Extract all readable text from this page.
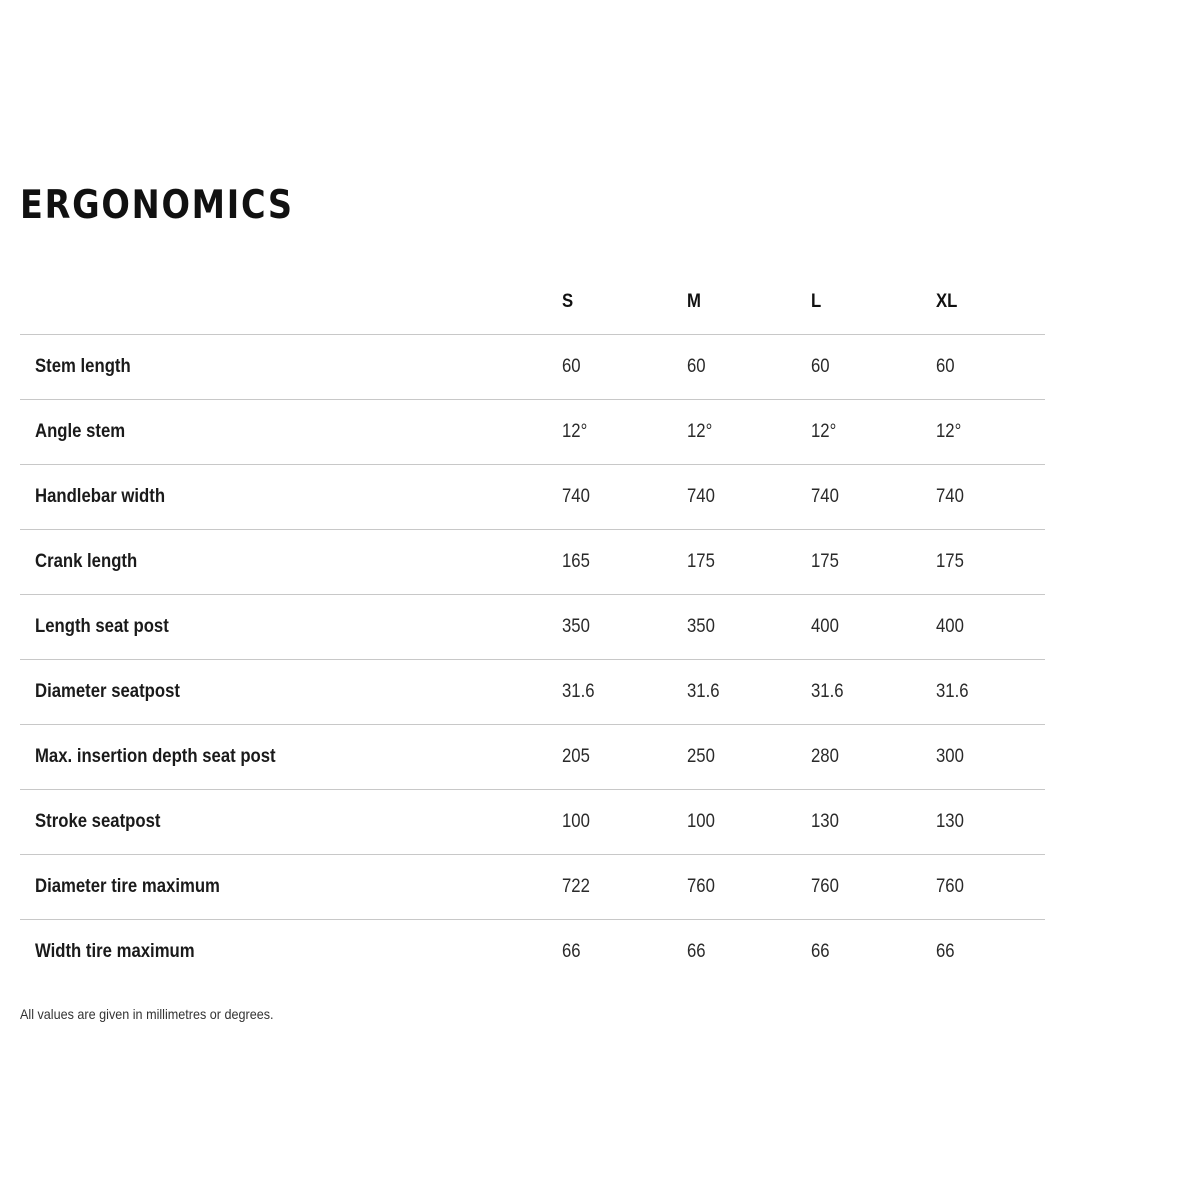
ERGONOMICS
	S	M	L	XL
Stem length	60	60	60	60
Angle stem	12°	12°	12°	12°
Handlebar width	740	740	740	740
Crank length	165	175	175	175
Length seat post	350	350	400	400
Diameter seatpost	31.6	31.6	31.6	31.6
Max. insertion depth seat post	205	250	280	300
Stroke seatpost	100	100	130	130
Diameter tire maximum	722	760	760	760
Width tire maximum	66	66	66	66

All values are given in millimetres or degrees.
